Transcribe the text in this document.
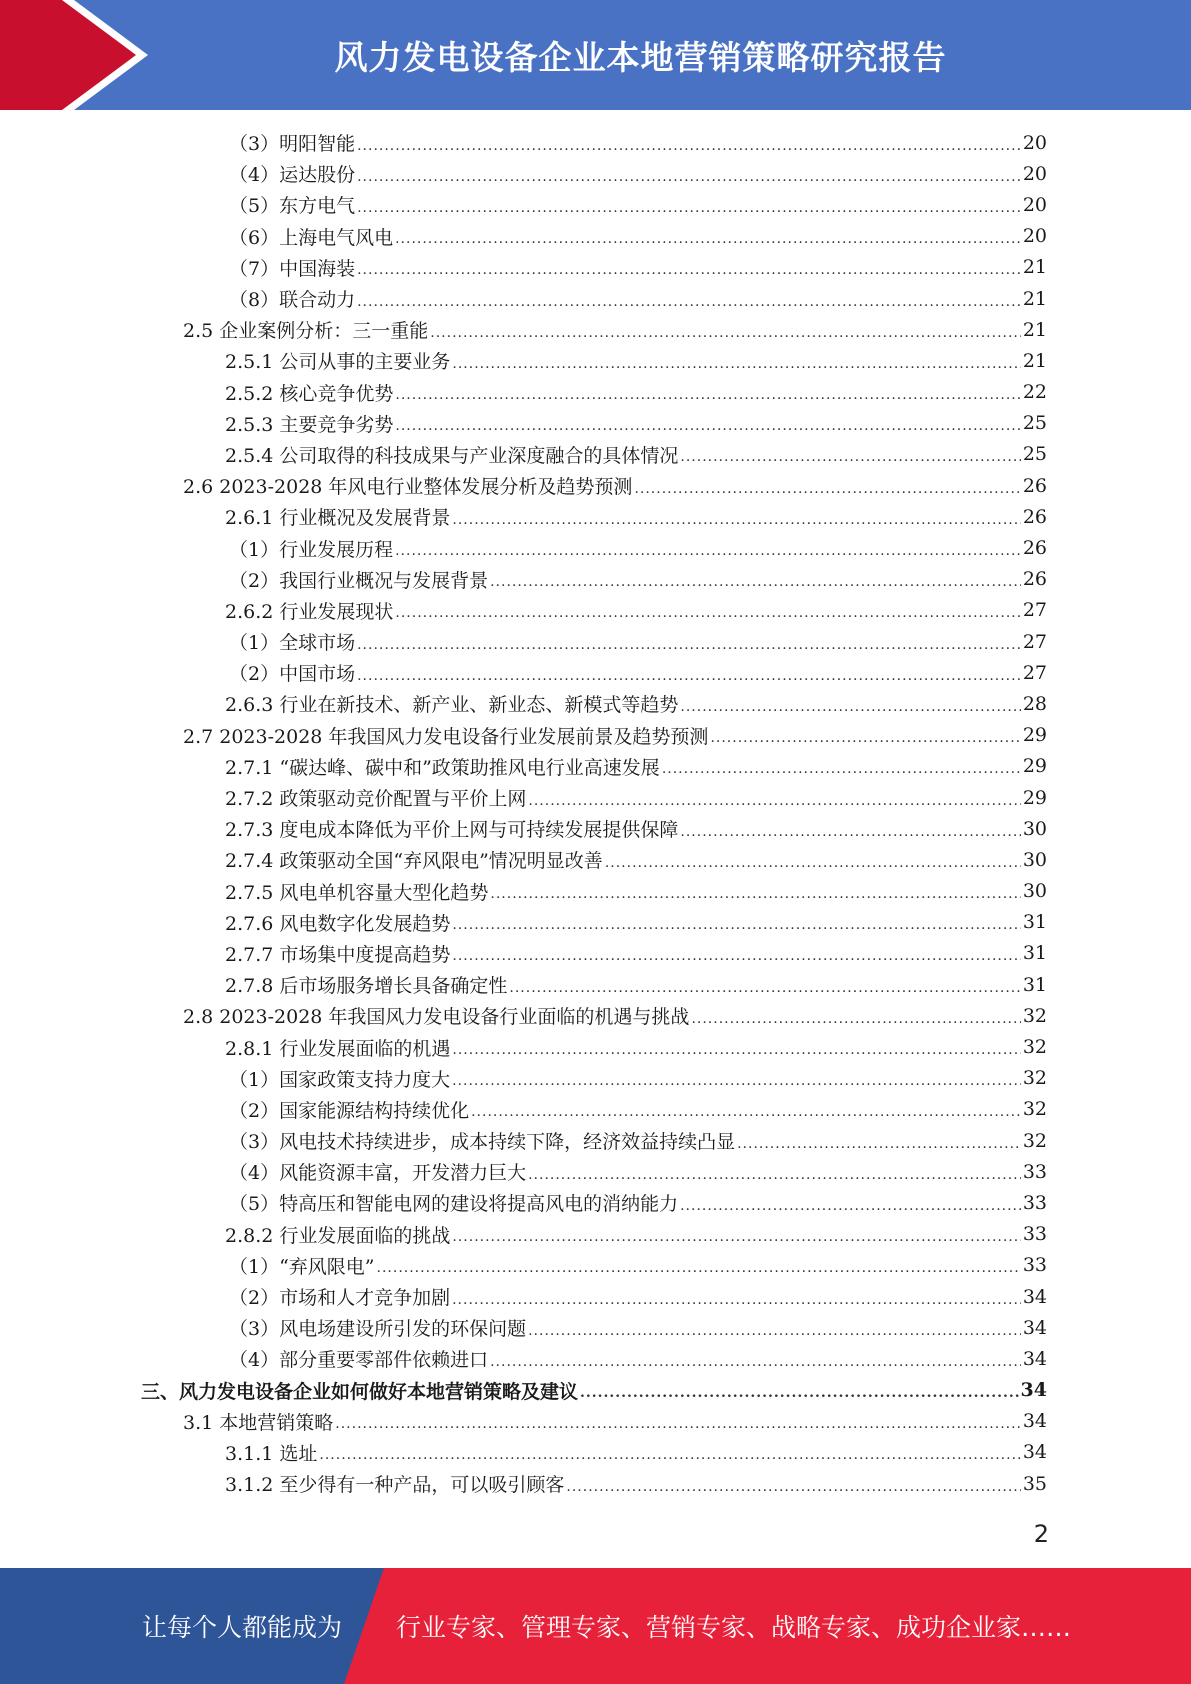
风力发电设备企业本地营销策略研究报告
（3）明阳智能 .....	20
（4）运达股份 .....	20
（5）东方电气 .....	20
（6）上海电气风电 .....	20
（7）中国海装 .....	21
（8）联合动力 .....	21
2.5 企业案例分析：三一重能 .....	21
2.5.1 公司从事的主要业务 .....	21
2.5.2 核心竞争优势 .....	22
2.5.3 主要竞争劣势 .....	25
2.5.4 公司取得的科技成果与产业深度融合的具体情况 .....	25
2.6 2023-2028 年风电行业整体发展分析及趋势预测 .....	26
2.6.1 行业概况及发展背景 .....	26
（1）行业发展历程 .....	26
（2）我国行业概况与发展背景 .....	26
2.6.2 行业发展现状 .....	27
（1）全球市场 .....	27
（2）中国市场 .....	27
2.6.3 行业在新技术、新产业、新业态、新模式等趋势 .....	28
2.7 2023-2028 年我国风力发电设备行业发展前景及趋势预测 .....	29
2.7.1 “碳达峰、碳中和”政策助推风电行业高速发展 .....	29
2.7.2 政策驱动竞价配置与平价上网 .....	29
2.7.3 度电成本降低为平价上网与可持续发展提供保障 .....	30
2.7.4 政策驱动全国“弃风限电”情况明显改善 .....	30
2.7.5 风电单机容量大型化趋势 .....	30
2.7.6 风电数字化发展趋势 .....	31
2.7.7 市场集中度提高趋势 .....	31
2.7.8 后市场服务增长具备确定性 .....	31
2.8 2023-2028 年我国风力发电设备行业面临的机遇与挑战 .....	32
2.8.1 行业发展面临的机遇 .....	32
（1）国家政策支持力度大 .....	32
（2）国家能源结构持续优化 .....	32
（3）风电技术持续进步，成本持续下降，经济效益持续凸显 .....	32
（4）风能资源丰富，开发潜力巨大 .....	33
（5）特高压和智能电网的建设将提高风电的消纳能力 .....	33
2.8.2 行业发展面临的挑战 .....	33
（1）“弃风限电” .....	33
（2）市场和人才竞争加剧 .....	34
（3）风电场建设所引发的环保问题 .....	34
（4）部分重要零部件依赖进口 .....	34
三、风力发电设备企业如何做好本地营销策略及建议 .....	34
3.1 本地营销策略 .....	34
3.1.1 选址 .....	34
3.1.2 至少得有一种产品，可以吸引顾客 .....	35
2
让每个人都能成为 行业专家、管理专家、营销专家、战略专家、成功企业家……
